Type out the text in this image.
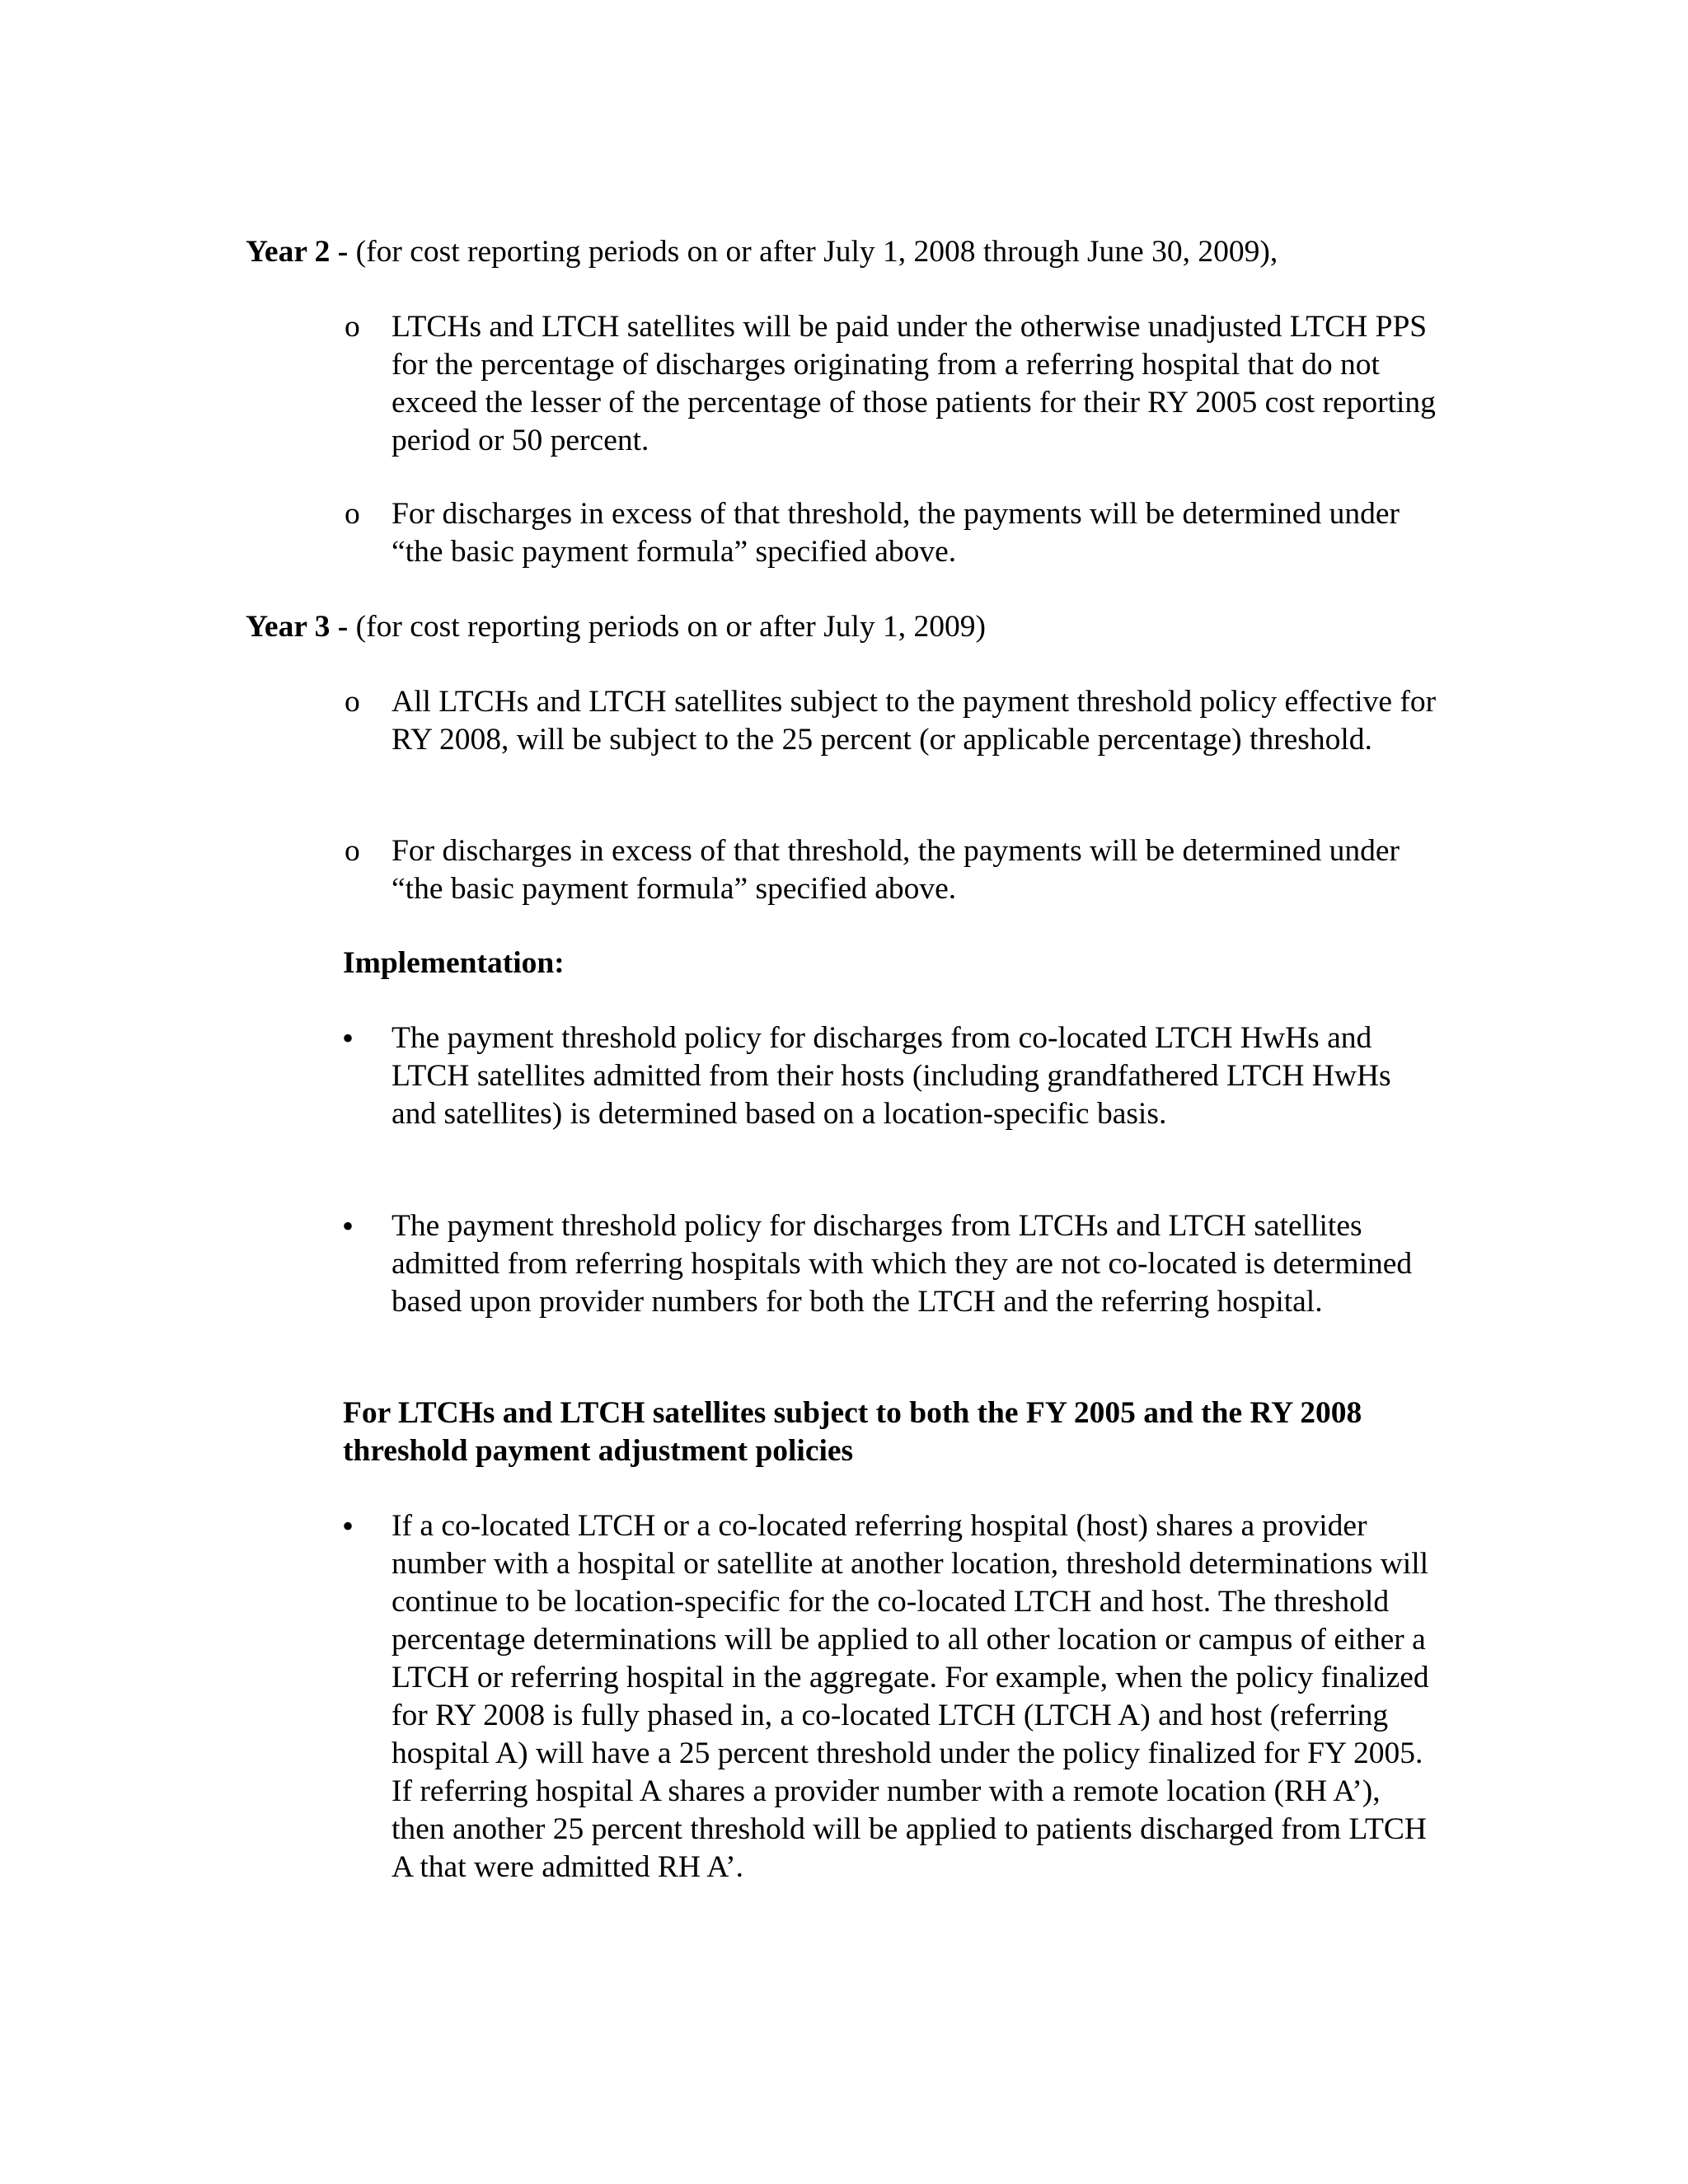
Year 2 - (for cost reporting periods on or after July 1, 2008 through June 30, 2009),
o	LTCHs and LTCH satellites will be paid under the otherwise unadjusted LTCH PPS for the percentage of discharges originating from a referring hospital that do not exceed the lesser of the percentage of those patients for their RY 2005 cost reporting period or 50 percent.
o	For discharges in excess of that threshold, the payments will be determined under “the basic payment formula” specified above.
Year 3 - (for cost reporting periods on or after July 1, 2009)
o	All LTCHs and LTCH satellites subject to the payment threshold policy effective for RY 2008, will be subject to the 25 percent (or applicable percentage) threshold.
o	For discharges in excess of that threshold, the payments will be determined under “the basic payment formula” specified above.
Implementation:
•	The payment threshold policy for discharges from co-located LTCH HwHs and LTCH satellites admitted from their hosts (including grandfathered LTCH HwHs and satellites) is determined based on a location-specific basis.
•	The payment threshold policy for discharges from LTCHs and LTCH satellites admitted from referring hospitals with which they are not co-located is determined based upon provider numbers for both the LTCH and the referring hospital.
For LTCHs and LTCH satellites subject to both the FY 2005 and the RY 2008 threshold payment adjustment policies
•	If a co-located LTCH or a co-located referring hospital (host) shares a provider number with a hospital or satellite at another location, threshold determinations will continue to be location-specific for the co-located LTCH and host. The threshold percentage determinations will be applied to all other location or campus of either a LTCH or referring hospital in the aggregate. For example, when the policy finalized for RY 2008 is fully phased in, a co-located LTCH (LTCH A) and host (referring hospital A) will have a 25 percent threshold under the policy finalized for FY 2005. If referring hospital A shares a provider number with a remote location (RH A’), then another 25 percent threshold will be applied to patients discharged from LTCH A that were admitted RH A’.
